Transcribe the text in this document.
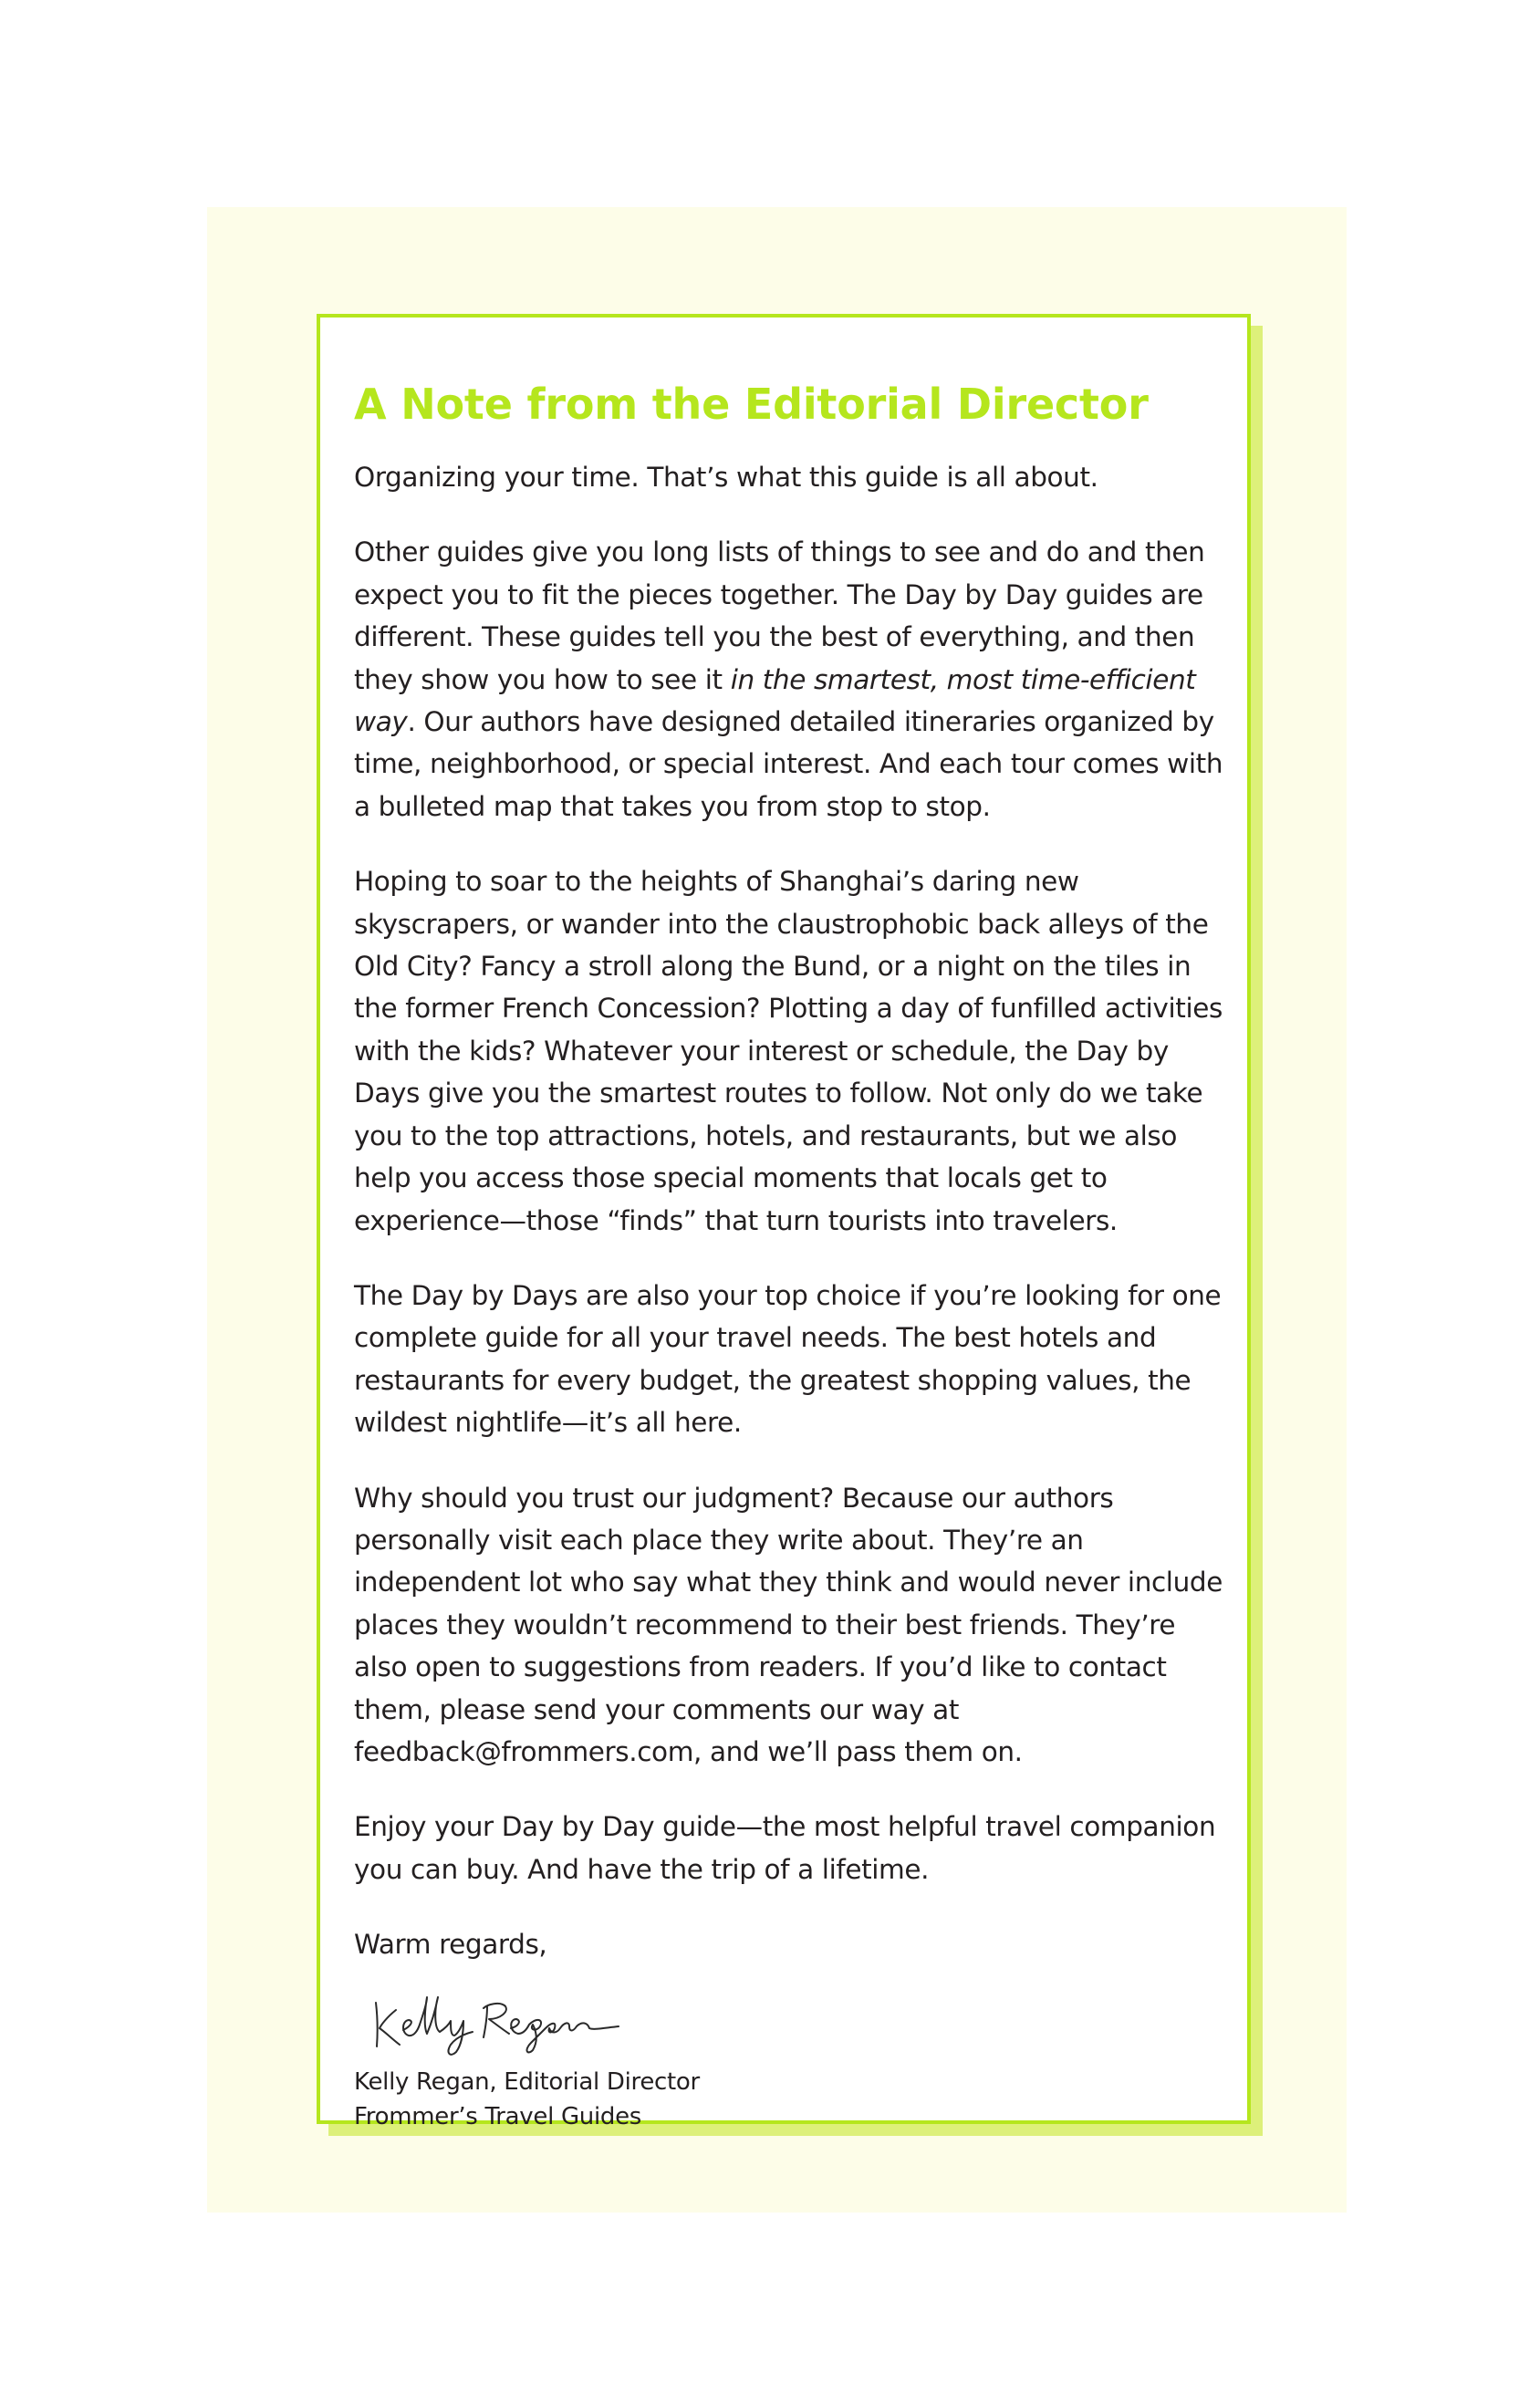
A Note from the Editorial Director

Organizing your time. That’s what this guide is all about.

Other guides give you long lists of things to see and do and then expect you to fit the pieces together. The Day by Day guides are different. These guides tell you the best of everything, and then they show you how to see it in the smartest, most time-efficient way. Our authors have designed detailed itineraries organized by time, neighborhood, or special interest. And each tour comes with a bulleted map that takes you from stop to stop.

Hoping to soar to the heights of Shanghai’s daring new skyscrapers, or wander into the claustrophobic back alleys of the Old City? Fancy a stroll along the Bund, or a night on the tiles in the former French Concession? Plotting a day of funfilled activities with the kids? Whatever your interest or schedule, the Day by Days give you the smartest routes to follow. Not only do we take you to the top attractions, hotels, and restaurants, but we also help you access those special moments that locals get to experience—those “finds” that turn tourists into travelers.

The Day by Days are also your top choice if you’re looking for one complete guide for all your travel needs. The best hotels and restaurants for every budget, the greatest shopping values, the wildest nightlife—it’s all here.

Why should you trust our judgment? Because our authors personally visit each place they write about. They’re an independent lot who say what they think and would never include places they wouldn’t recommend to their best friends. They’re also open to suggestions from readers. If you’d like to contact them, please send your comments our way at feedback@frommers.com, and we’ll pass them on.

Enjoy your Day by Day guide—the most helpful travel companion you can buy. And have the trip of a lifetime.

Warm regards,

Kelly Regan, Editorial Director

Frommer’s Travel Guides
